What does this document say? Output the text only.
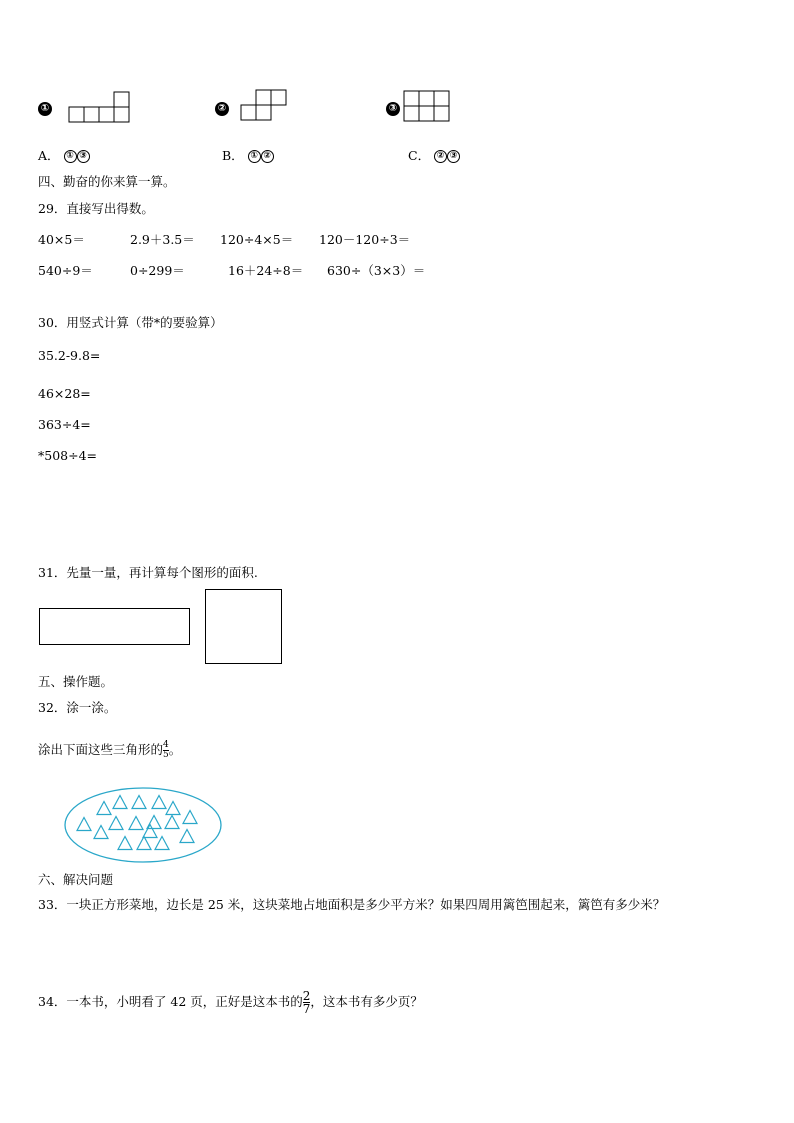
①	②	③
A． ① ③	B． ① ②	C． ② ③
四、勤奋的你来算一算。
29．直接写出得数。
40×5＝	2.9＋3.5＝ 120÷4×5＝ 120－120÷3＝
540÷9＝	0÷299＝	16＋24÷8＝ 630÷（3×3）＝
30．用竖式计算（带*的要验算）
35.2‐9.8=
46×28=
363÷4=
*508÷4=
31．先量一量，再计算每个图形的面积.
五、操作题。
32．涂一涂。
涂出下面这些三角形的 $\frac{4}{5}$ 。
六、解决问题
33．一块正方形菜地，边长是 25 米，这块菜地占地面积是多少平方米？如果四周用篱笆围起来，篱笆有多少米？
34．一本书，小明看了 42 页，正好是这本书的 $\frac{2}{7}$ ，这本书有多少页？
